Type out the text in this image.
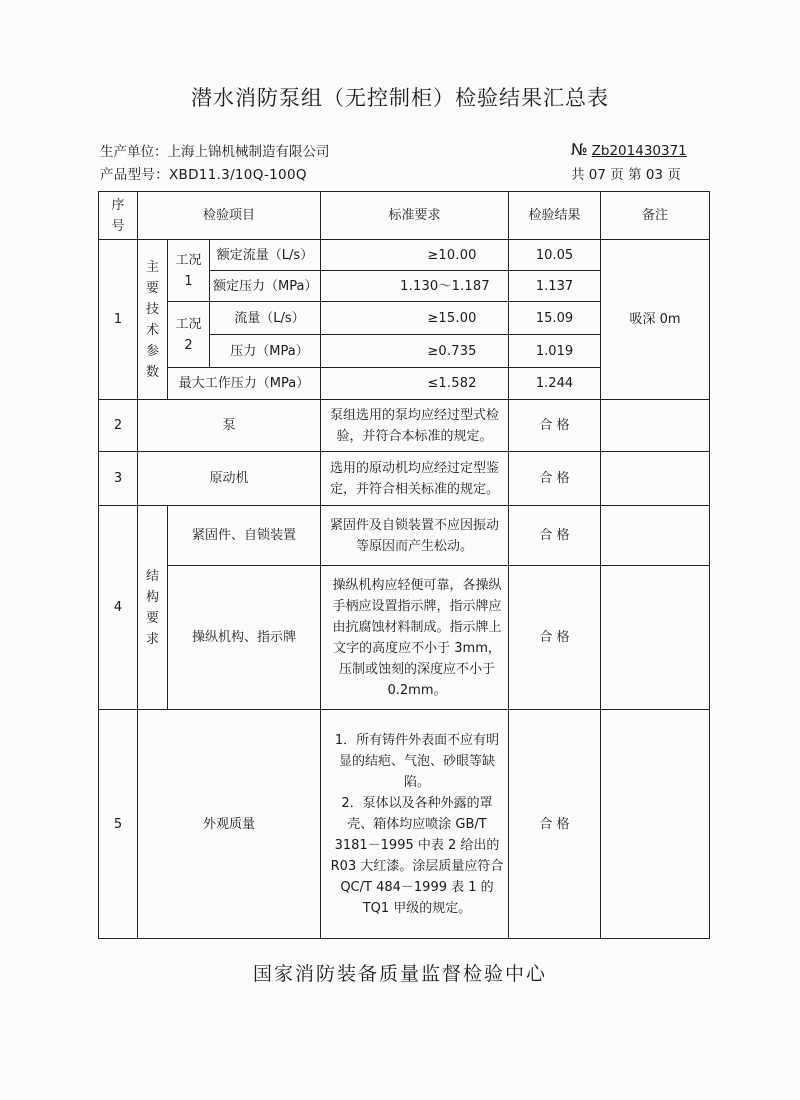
潜水消防泵组（无控制柜）检验结果汇总表
生产单位：上海上锦机械制造有限公司
产品型号：XBD11.3/10Q-100Q
№ Zb201430371
共 07 页 第 03 页
序号	检验项目			标准要求	检验结果	备注
1	主要技术参数	工况 1	额定流量（L/s）	≥10.00	10.05	吸深 0m
			额定压力（MPa）	1.130～1.187	1.137	
		工况 2	流量（L/s）	≥15.00	15.09	
			压力（MPa）	≥0.735	1.019	
		最大工作压力（MPa）		≤1.582	1.244	
2	泵			泵组选用的泵均应经过型式检验，并符合本标准的规定。	合 格	
3	原动机			选用的原动机均应经过定型鉴定，并符合相关标准的规定。	合 格	
4	结构要求	紧固件、自锁装置		紧固件及自锁装置不应因振动等原因而产生松动。	合 格	
		操纵机构、指示牌		操纵机构应轻便可靠，各操纵手柄应设置指示牌，指示牌应由抗腐蚀材料制成。指示牌上文字的高度应不小于 3mm，压制或蚀刻的深度应不小于 0.2mm。	合 格	
5	外观质量			1．所有铸件外表面不应有明显的结疤、气泡、砂眼等缺陷。
2．泵体以及各种外露的罩壳、箱体均应喷涂 GB/T 3181－1995 中表 2 给出的 R03 大红漆。涂层质量应符合 QC/T 484－1999 表 1 的 TQ1 甲级的规定。	合 格	
国家消防装备质量监督检验中心
